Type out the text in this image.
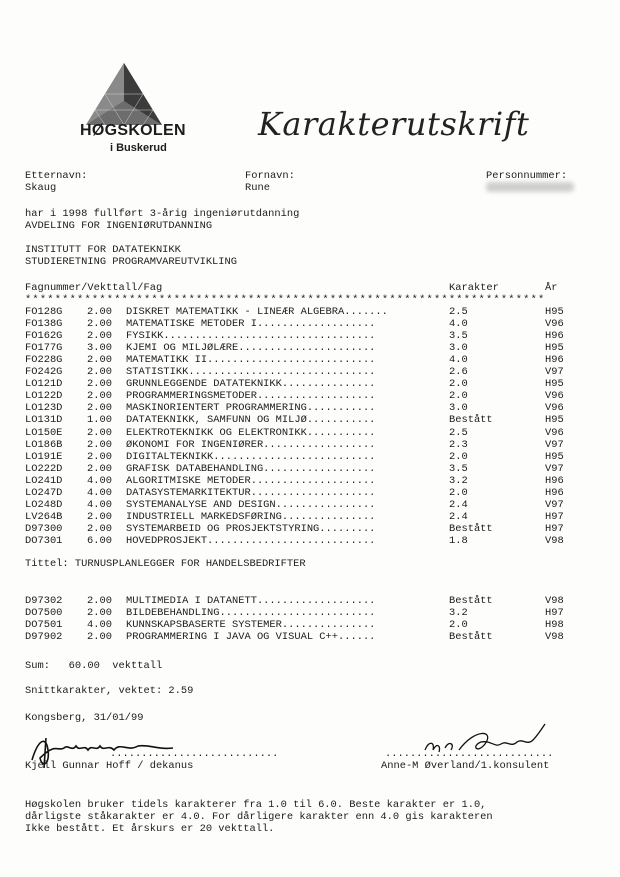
HØGSKOLEN
i Buskerud
Karakterutskrift
Etternavn:
Skaug
Fornavn:
Rune
Personnummer:
har i 1998 fullført 3-årig ingeniørutdanning
AVDELING FOR INGENIØRUTDANNING
INSTITUTT FOR DATATEKNIKK
STUDIERETNING PROGRAMVAREUTVIKLING
Fagnummer/Vekttall/Fag	Karakter	År
**********************************************************************
FO128G 2.00 DISKRET MATEMATIKK - LINEÆR ALGEBRA.......	2.5	H95
FO138G 2.00 MATEMATISKE METODER I...................	4.0	V96
FO162G 2.00 FYSIKK..................................	3.5	H96
FO177G 3.00 KJEMI OG MILJØLÆRE......................	3.0	H95
FO228G 2.00 MATEMATIKK II...........................	4.0	H96
FO242G 2.00 STATISTIKK..............................	2.6	V97
LO121D 2.00 GRUNNLEGGENDE DATATEKNIKK...............	2.0	H95
LO122D 2.00 PROGRAMMERINGSMETODER...................	2.0	V96
LO123D 2.00 MASKINORIENTERT PROGRAMMERING...........	3.0	V96
LO131D 1.00 DATATEKNIKK, SAMFUNN OG MILJØ...........	Bestått	H95
LO150E 2.00 ELEKTROTEKNIKK OG ELEKTRONIKK...........	2.5	V96
LO186B 2.00 ØKONOMI FOR INGENIØRER..................	2.3	V97
LO191E 2.00 DIGITALTEKNIKK..........................	2.0	H95
LO222D 2.00 GRAFISK DATABEHANDLING..................	3.5	V97
LO241D 4.00 ALGORITMISKE METODER....................	3.2	H96
LO247D 4.00 DATASYSTEMARKITEKTUR....................	2.0	H96
LO248D 4.00 SYSTEMANALYSE AND DESIGN................	2.4	V97
LV264B 2.00 INDUSTRIELL MARKEDSFØRING...............	2.4	H97
D97300 2.00 SYSTEMARBEID OG PROSJEKTSTYRING.........	Bestått	H97
DO7301 6.00 HOVEDPROSJEKT...........................	1.8	V98
Tittel: TURNUSPLANLEGGER FOR HANDELSBEDRIFTER
D97302 2.00 MULTIMEDIA I DATANETT...................	Bestått	V98
DO7500 2.00 BILDEBEHANDLING.........................	3.2	H97
DO7501 4.00 KUNNSKAPSBASERTE SYSTEMER...............	2.0	H98
D97902 2.00 PROGRAMMERING I JAVA OG VISUAL C++......	Bestått	V98
Sum:   60.00  vekttall
Snittkarakter, vektet: 2.59
Kongsberg, 31/01/99
...........................	...........................
Kjell Gunnar Hoff / dekanus	Anne-M Øverland/1.konsulent
Høgskolen bruker tidels karakterer fra 1.0 til 6.0. Beste karakter er 1.0,
dårligste ståkarakter er 4.0. For dårligere karakter enn 4.0 gis karakteren
Ikke bestått. Et årskurs er 20 vekttall.
